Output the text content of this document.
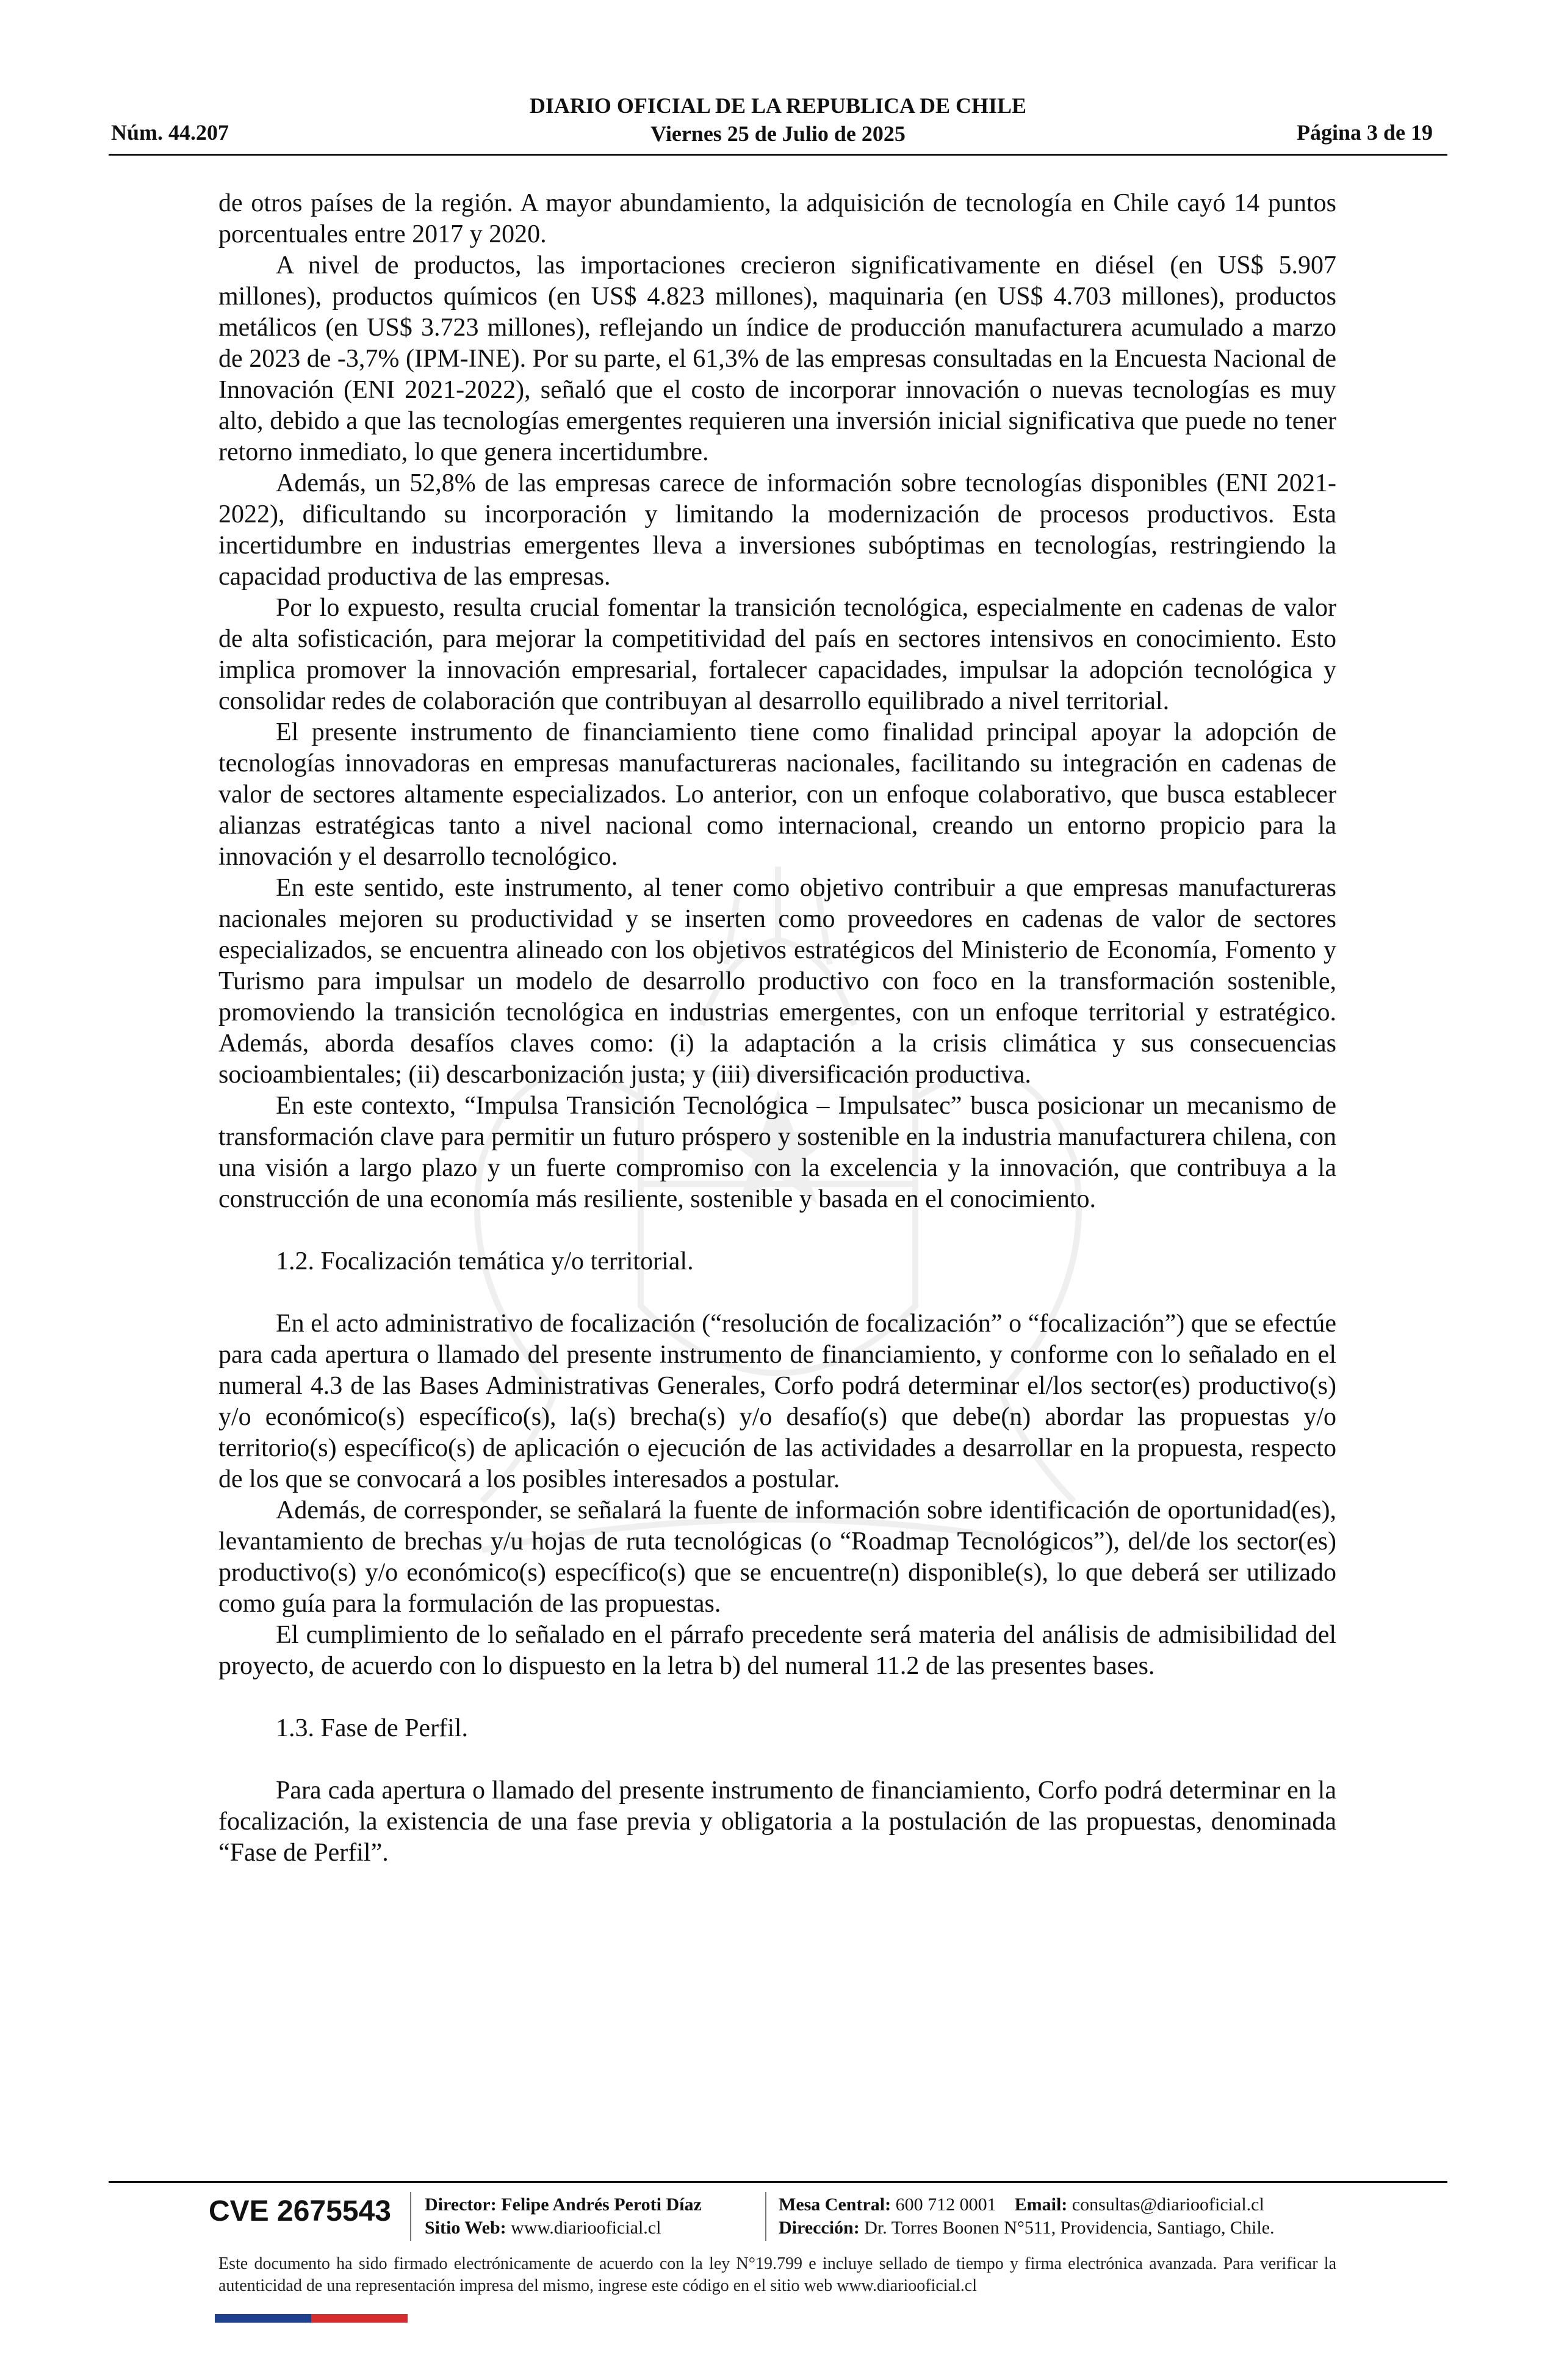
DIARIO OFICIAL DE LA REPUBLICA DE CHILE
Viernes 25 de Julio de 2025
Núm. 44.207	Página 3 de 19

de otros países de la región. A mayor abundamiento, la adquisición de tecnología en Chile cayó 14 puntos porcentuales entre 2017 y 2020.

A nivel de productos, las importaciones crecieron significativamente en diésel (en US$ 5.907 millones), productos químicos (en US$ 4.823 millones), maquinaria (en US$ 4.703 millones), productos metálicos (en US$ 3.723 millones), reflejando un índice de producción manufacturera acumulado a marzo de 2023 de -3,7% (IPM-INE). Por su parte, el 61,3% de las empresas consultadas en la Encuesta Nacional de Innovación (ENI 2021-2022), señaló que el costo de incorporar innovación o nuevas tecnologías es muy alto, debido a que las tecnologías emergentes requieren una inversión inicial significativa que puede no tener retorno inmediato, lo que genera incertidumbre.

Además, un 52,8% de las empresas carece de información sobre tecnologías disponibles (ENI 2021-2022), dificultando su incorporación y limitando la modernización de procesos productivos. Esta incertidumbre en industrias emergentes lleva a inversiones subóptimas en tecnologías, restringiendo la capacidad productiva de las empresas.

Por lo expuesto, resulta crucial fomentar la transición tecnológica, especialmente en cadenas de valor de alta sofisticación, para mejorar la competitividad del país en sectores intensivos en conocimiento. Esto implica promover la innovación empresarial, fortalecer capacidades, impulsar la adopción tecnológica y consolidar redes de colaboración que contribuyan al desarrollo equilibrado a nivel territorial.

El presente instrumento de financiamiento tiene como finalidad principal apoyar la adopción de tecnologías innovadoras en empresas manufactureras nacionales, facilitando su integración en cadenas de valor de sectores altamente especializados. Lo anterior, con un enfoque colaborativo, que busca establecer alianzas estratégicas tanto a nivel nacional como internacional, creando un entorno propicio para la innovación y el desarrollo tecnológico.

En este sentido, este instrumento, al tener como objetivo contribuir a que empresas manufactureras nacionales mejoren su productividad y se inserten como proveedores en cadenas de valor de sectores especializados, se encuentra alineado con los objetivos estratégicos del Ministerio de Economía, Fomento y Turismo para impulsar un modelo de desarrollo productivo con foco en la transformación sostenible, promoviendo la transición tecnológica en industrias emergentes, con un enfoque territorial y estratégico. Además, aborda desafíos claves como: (i) la adaptación a la crisis climática y sus consecuencias socioambientales; (ii) descarbonización justa; y (iii) diversificación productiva.

En este contexto, “Impulsa Transición Tecnológica – Impulsatec” busca posicionar un mecanismo de transformación clave para permitir un futuro próspero y sostenible en la industria manufacturera chilena, con una visión a largo plazo y un fuerte compromiso con la excelencia y la innovación, que contribuya a la construcción de una economía más resiliente, sostenible y basada en el conocimiento.

1.2. Focalización temática y/o territorial.

En el acto administrativo de focalización (“resolución de focalización” o “focalización”) que se efectúe para cada apertura o llamado del presente instrumento de financiamiento, y conforme con lo señalado en el numeral 4.3 de las Bases Administrativas Generales, Corfo podrá determinar el/los sector(es) productivo(s) y/o económico(s) específico(s), la(s) brecha(s) y/o desafío(s) que debe(n) abordar las propuestas y/o territorio(s) específico(s) de aplicación o ejecución de las actividades a desarrollar en la propuesta, respecto de los que se convocará a los posibles interesados a postular.

Además, de corresponder, se señalará la fuente de información sobre identificación de oportunidad(es), levantamiento de brechas y/u hojas de ruta tecnológicas (o “Roadmap Tecnológicos”), del/de los sector(es) productivo(s) y/o económico(s) específico(s) que se encuentre(n) disponible(s), lo que deberá ser utilizado como guía para la formulación de las propuestas.

El cumplimiento de lo señalado en el párrafo precedente será materia del análisis de admisibilidad del proyecto, de acuerdo con lo dispuesto en la letra b) del numeral 11.2 de las presentes bases.

1.3. Fase de Perfil.

Para cada apertura o llamado del presente instrumento de financiamiento, Corfo podrá determinar en la focalización, la existencia de una fase previa y obligatoria a la postulación de las propuestas, denominada “Fase de Perfil”.

CVE 2675543 Director: Felipe Andrés Peroti Díaz
Sitio Web: www.diariooficial.cl
Mesa Central: 600 712 0001 Email: consultas@diariooficial.cl
Dirección: Dr. Torres Boonen N°511, Providencia, Santiago, Chile.
Este documento ha sido firmado electrónicamente de acuerdo con la ley N°19.799 e incluye sellado de tiempo y firma electrónica avanzada. Para verificar la autenticidad de una representación impresa del mismo, ingrese este código en el sitio web www.diariooficial.cl
